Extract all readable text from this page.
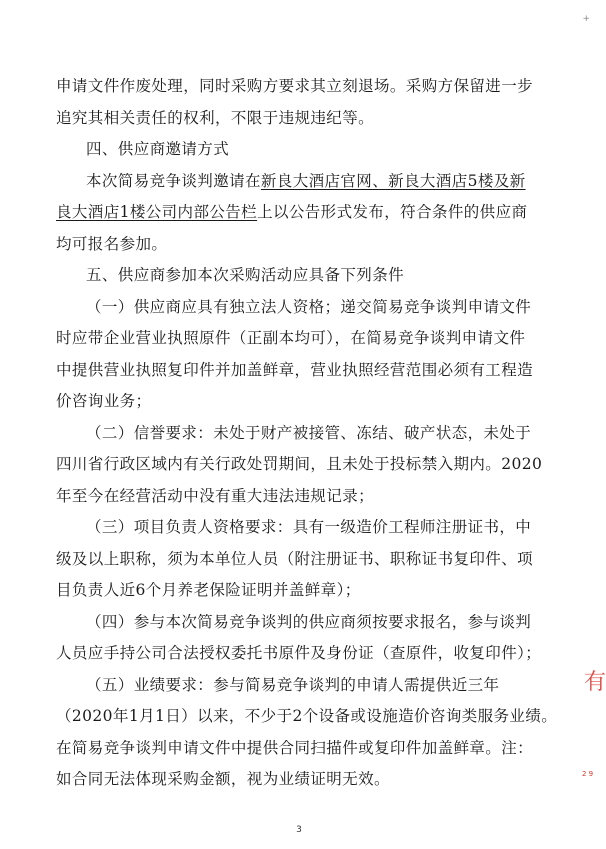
+
申请文件作废处理，同时采购方要求其立刻退场。采购方保留进一步
追究其相关责任的权利，不限于违规违纪等。
四、供应商邀请方式
本次简易竞争谈判邀请在新良大酒店官网、新良大酒店5楼及新
良大酒店1楼公司内部公告栏上以公告形式发布，符合条件的供应商
均可报名参加。
五、供应商参加本次采购活动应具备下列条件
（一）供应商应具有独立法人资格；递交简易竞争谈判申请文件
时应带企业营业执照原件（正副本均可），在简易竞争谈判申请文件
中提供营业执照复印件并加盖鲜章，营业执照经营范围必须有工程造
价咨询业务；
（二）信誉要求：未处于财产被接管、冻结、破产状态，未处于
四川省行政区域内有关行政处罚期间，且未处于投标禁入期内。2020
年至今在经营活动中没有重大违法违规记录；
（三）项目负责人资格要求：具有一级造价工程师注册证书，中
级及以上职称，须为本单位人员（附注册证书、职称证书复印件、项
目负责人近6个月养老保险证明并盖鲜章）；
（四）参与本次简易竞争谈判的供应商须按要求报名，参与谈判
人员应手持公司合法授权委托书原件及身份证（查原件，收复印件）；
（五）业绩要求：参与简易竞争谈判的申请人需提供近三年
（2020年1月1日）以来，不少于2个设备或设施造价咨询类服务业绩。
在简易竞争谈判申请文件中提供合同扫描件或复印件加盖鲜章。注：
如合同无法体现采购金额，视为业绩证明无效。
有
2 9
3
